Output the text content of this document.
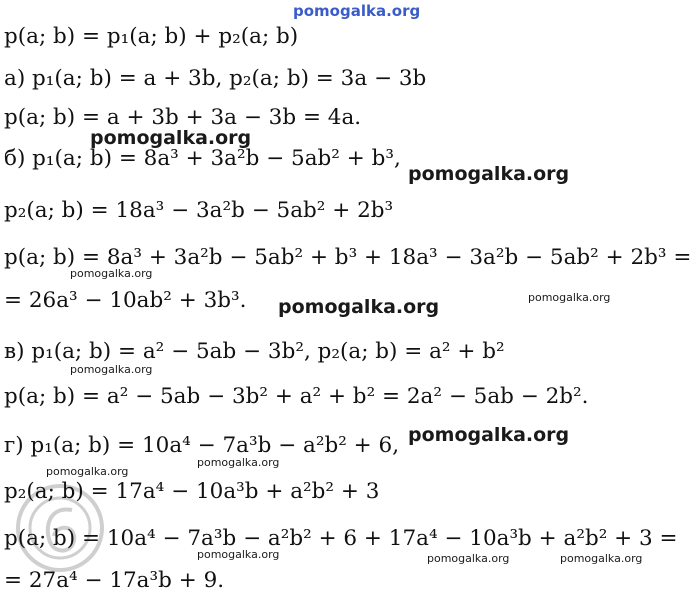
pomogalka.org
pomogalka.org
pomogalka.org
pomogalka.org
pomogalka.org	pomogalka.org
pomogalka.org
pomogalka.org
pomogalka.org
pomogalka.org
pomogalka.org	pomogalka.org	pomogalka.org
p(a; b) = p₁(a; b) + p₂(a; b)
а) p₁(a; b) = a + 3b, p₂(a; b) = 3a − 3b
p(a; b) = a + 3b + 3a − 3b = 4a.
б) p₁(a; b) = 8a³ + 3a²b − 5ab² + b³,
p₂(a; b) = 18a³ − 3a²b − 5ab² + 2b³
p(a; b) = 8a³ + 3a²b − 5ab² + b³ + 18a³ − 3a²b − 5ab² + 2b³ =
= 26a³ − 10ab² + 3b³.
в) p₁(a; b) = a² − 5ab − 3b², p₂(a; b) = a² + b²
p(a; b) = a² − 5ab − 3b² + a² + b² = 2a² − 5ab − 2b².
г) p₁(a; b) = 10a⁴ − 7a³b − a²b² + 6,
p₂(a; b) = 17a⁴ − 10a³b + a²b² + 3
p(a; b) = 10a⁴ − 7a³b − a²b² + 6 + 17a⁴ − 10a³b + a²b² + 3 =
= 27a⁴ − 17a³b + 9.
